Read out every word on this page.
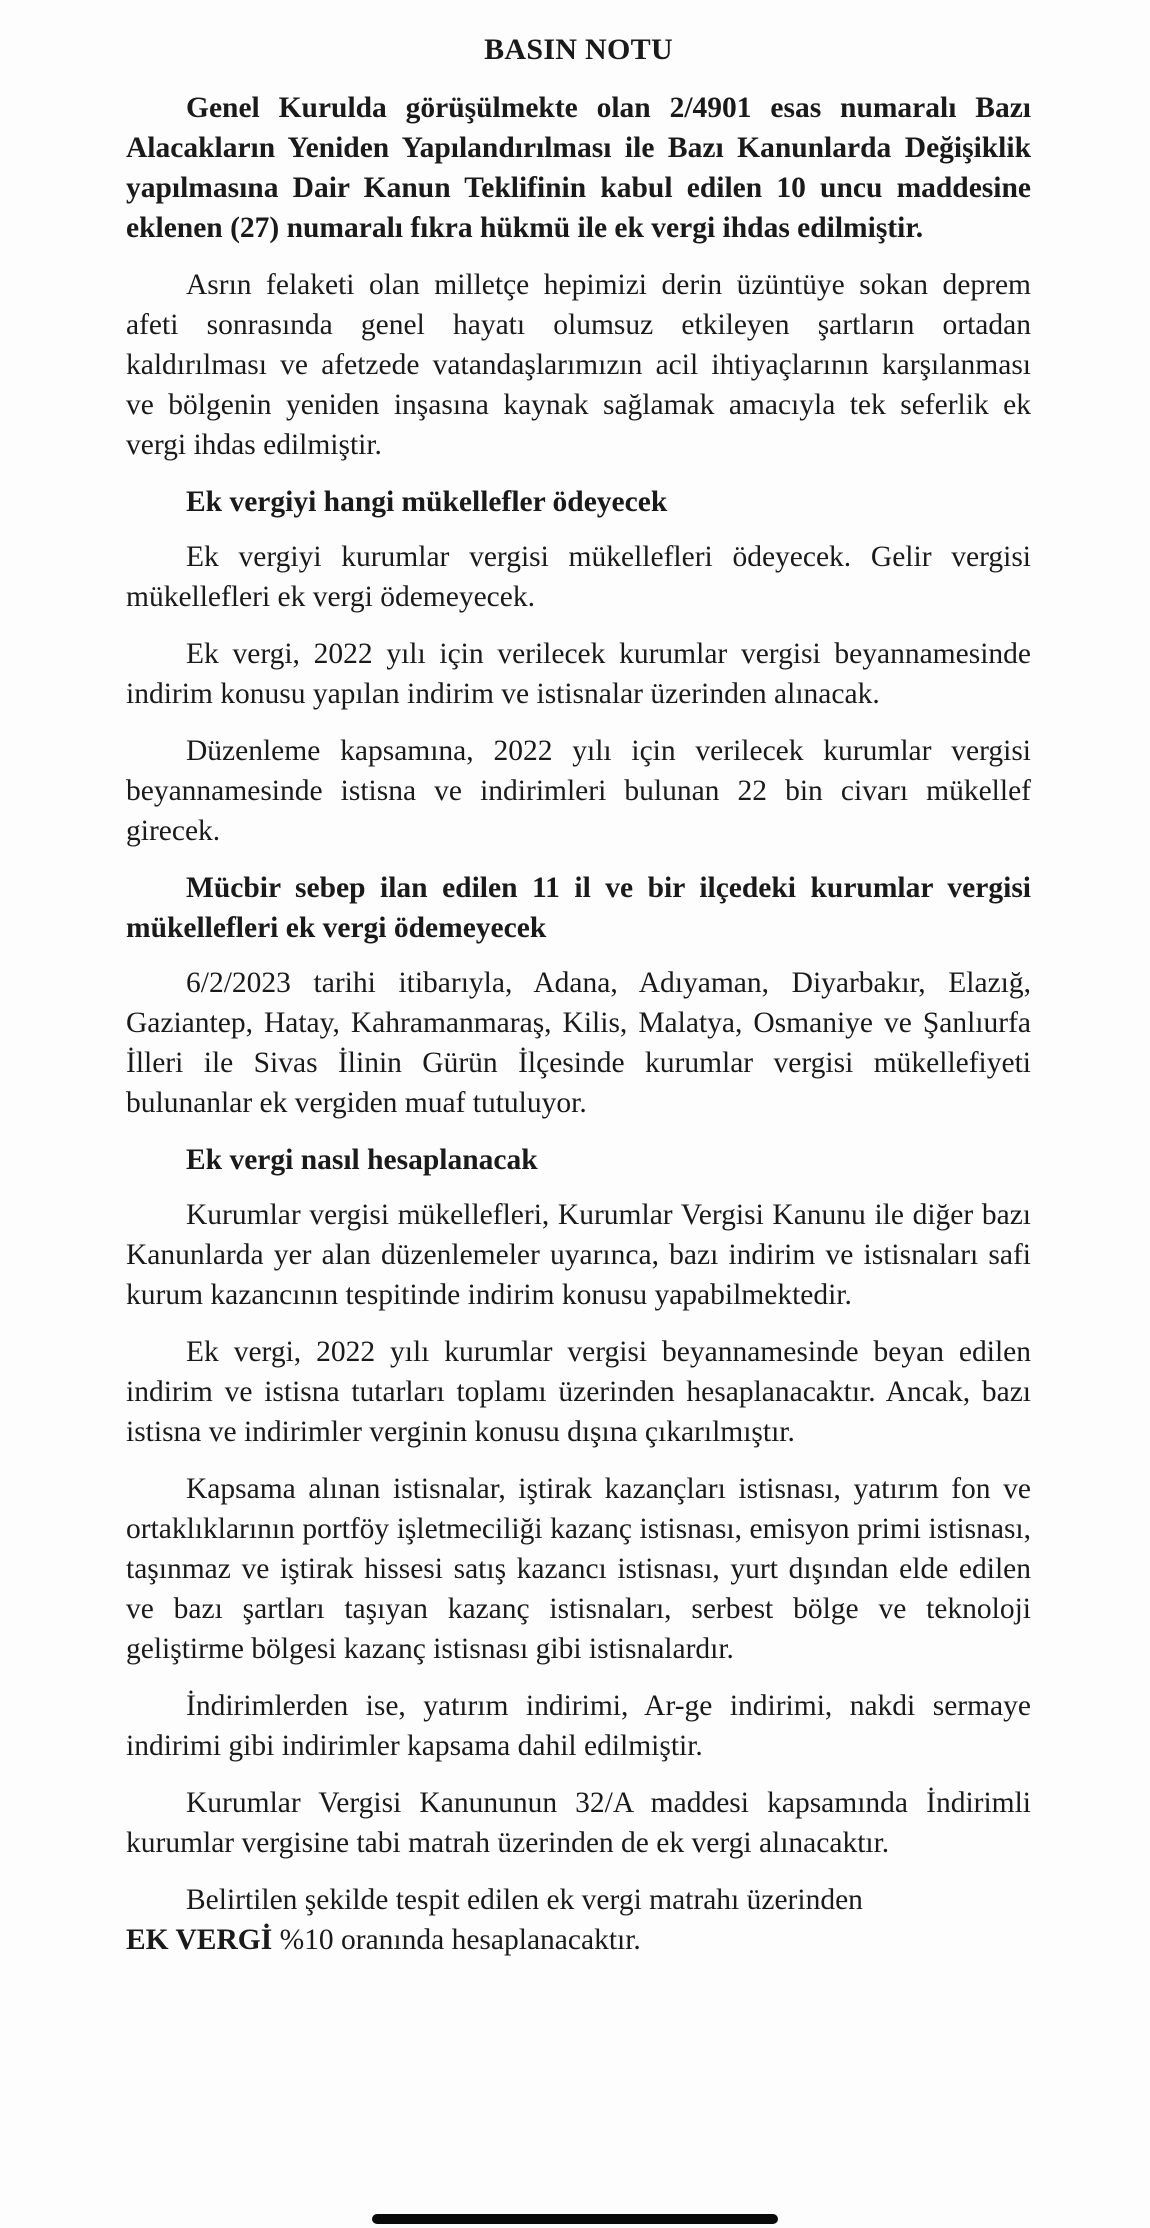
BASIN NOTU

Genel Kurulda görüşülmekte olan 2/4901 esas numaralı Bazı Alacakların Yeniden Yapılandırılması ile Bazı Kanunlarda Değişiklik yapılmasına Dair Kanun Teklifinin kabul edilen 10 uncu maddesine eklenen (27) numaralı fıkra hükmü ile ek vergi ihdas edilmiştir.

Asrın felaketi olan milletçe hepimizi derin üzüntüye sokan deprem afeti sonrasında genel hayatı olumsuz etkileyen şartların ortadan kaldırılması ve afetzede vatandaşlarımızın acil ihtiyaçlarının karşılanması ve bölgenin yeniden inşasına kaynak sağlamak amacıyla tek seferlik ek vergi ihdas edilmiştir.

Ek vergiyi hangi mükellefler ödeyecek

Ek vergiyi kurumlar vergisi mükellefleri ödeyecek. Gelir vergisi mükellefleri ek vergi ödemeyecek.

Ek vergi, 2022 yılı için verilecek kurumlar vergisi beyannamesinde indirim konusu yapılan indirim ve istisnalar üzerinden alınacak.

Düzenleme kapsamına, 2022 yılı için verilecek kurumlar vergisi beyannamesinde istisna ve indirimleri bulunan 22 bin civarı mükellef girecek.

Mücbir sebep ilan edilen 11 il ve bir ilçedeki kurumlar vergisi mükellefleri ek vergi ödemeyecek

6/2/2023 tarihi itibarıyla, Adana, Adıyaman, Diyarbakır, Elazığ, Gaziantep, Hatay, Kahramanmaraş, Kilis, Malatya, Osmaniye ve Şanlıurfa İlleri ile Sivas İlinin Gürün İlçesinde kurumlar vergisi mükellefiyeti bulunanlar ek vergiden muaf tutuluyor.

Ek vergi nasıl hesaplanacak

Kurumlar vergisi mükellefleri, Kurumlar Vergisi Kanunu ile diğer bazı Kanunlarda yer alan düzenlemeler uyarınca, bazı indirim ve istisnaları safi kurum kazancının tespitinde indirim konusu yapabilmektedir.

Ek vergi, 2022 yılı kurumlar vergisi beyannamesinde beyan edilen indirim ve istisna tutarları toplamı üzerinden hesaplanacaktır. Ancak, bazı istisna ve indirimler verginin konusu dışına çıkarılmıştır.

Kapsama alınan istisnalar, iştirak kazançları istisnası, yatırım fon ve ortaklıklarının portföy işletmeciliği kazanç istisnası, emisyon primi istisnası, taşınmaz ve iştirak hissesi satış kazancı istisnası, yurt dışından elde edilen ve bazı şartları taşıyan kazanç istisnaları, serbest bölge ve teknoloji geliştirme bölgesi kazanç istisnası gibi istisnalardır.

İndirimlerden ise, yatırım indirimi, Ar-ge indirimi, nakdi sermaye indirimi gibi indirimler kapsama dahil edilmiştir.

Kurumlar Vergisi Kanununun 32/A maddesi kapsamında İndirimli kurumlar vergisine tabi matrah üzerinden de ek vergi alınacaktır.

Belirtilen şekilde tespit edilen ek vergi matrahı üzerinden
EK VERGİ %10 oranında hesaplanacaktır.
